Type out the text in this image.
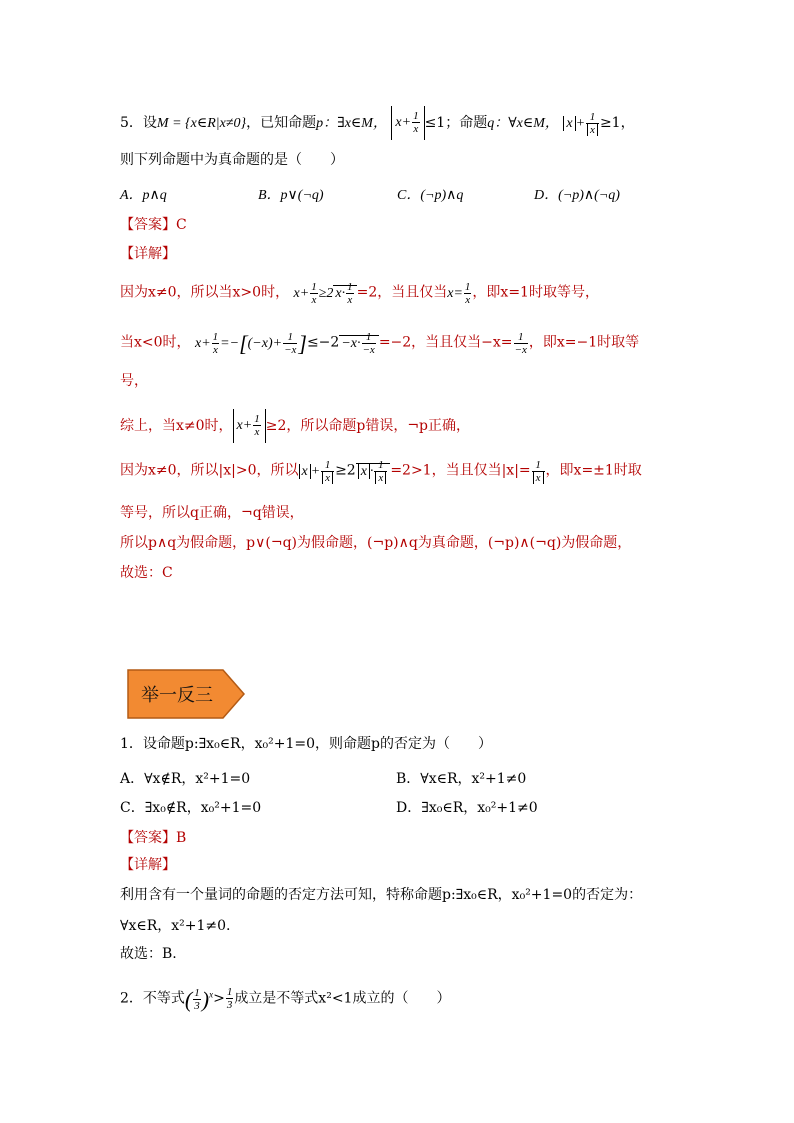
5．设M = {x∈R|x≠0}，已知命题p：∃x∈M， $x+ \frac{1}{x} \le 1$；命题q：∀x∈M， $x + \frac{1}{x} \ge 1$，
则下列命题中为真命题的是（　　）
A．p∧q	B．p∨(¬q)	C．(¬p)∧q	D．(¬p)∧(¬q)
【答案】C
【详解】
因为x≠0，所以当x>0时， $x+ \frac{1}{x} \ge 2$ $x\cdot \frac{1}{x} =2$，当且仅当$x= \frac{1}{x}$ ，即x=1时取等号，
当x<0时， $x+ \frac{1}{x} =-[(-x)+ \frac{1}{-x} ]\le-2 -x\cdot \frac{1}{-x} =-2$，当且仅当$-x= \frac{1}{-x}$ ，即x=−1时取等
号，
综上，当x≠0时， $x+ \frac{1}{x} \ge 2$，所以命题p错误，¬p正确，
因为x≠0，所以|x|>0，所以 $x + \frac{1}{x} \ge 2$ $x \cdot \frac{1}{x} =2>1$，当且仅当$|x|= \frac{1}{x}$ ，即x=±1时取
等号，所以q正确，¬q错误，
所以p∧q为假命题，p∨(¬q)为假命题，(¬p)∧q为真命题，(¬p)∧(¬q)为假命题，
故选：C
举一反三
1．设命题p:∃x₀∈R，x₀²+1=0，则命题p的否定为（　　）
A．∀x∉R，x²+1=0	B．∀x∈R，x²+1≠0
C．∃x₀∉R，x₀²+1=0	D．∃x₀∈R，x₀²+1≠0
【答案】B
【详解】
利用含有一个量词的命题的否定方法可知，特称命题p:∃x₀∈R，x₀²+1=0的否定为：
∀x∈R，x²+1≠0.
故选：B.
2．不等式( $\frac{1}{3} )^x> \frac{1}{3}$ 成立是不等式x²<1成立的（　　）
